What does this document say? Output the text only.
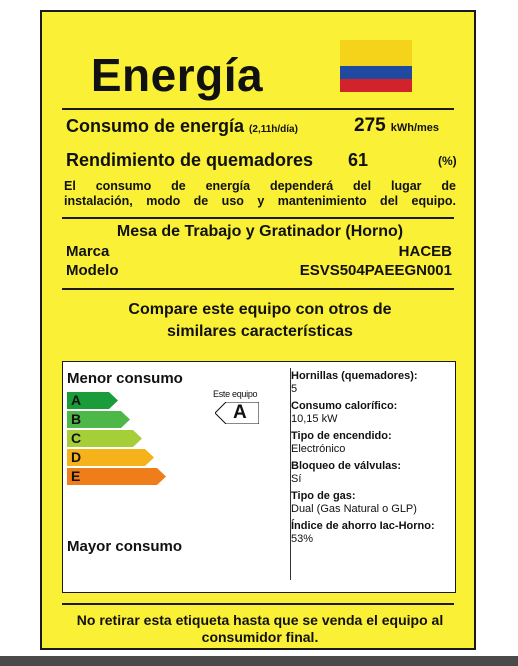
Energía
Consumo de energía (2,11h/día)	275 kWh/mes
Rendimiento de quemadores 61	(%)
El consumo de energía dependerá del lugar de
instalación, modo de uso y mantenimiento del equipo.
Mesa de Trabajo y Gratinador (Horno)
Marca	HACEB
Modelo	ESVS504PAEEGN001
Compare este equipo con otros de
similares características
Menor consumo
A
B
C
D
E
Este equipo
A
Mayor consumo
Hornillas (quemadores):
5
Consumo calorífico:
10,15 kW
Tipo de encendido:
Electrónico
Bloqueo de válvulas:
Sí
Tipo de gas:
Dual (Gas Natural o GLP)
Índice de ahorro Iac-Horno:
53%
No retirar esta etiqueta hasta que se venda el equipo al
consumidor final.
